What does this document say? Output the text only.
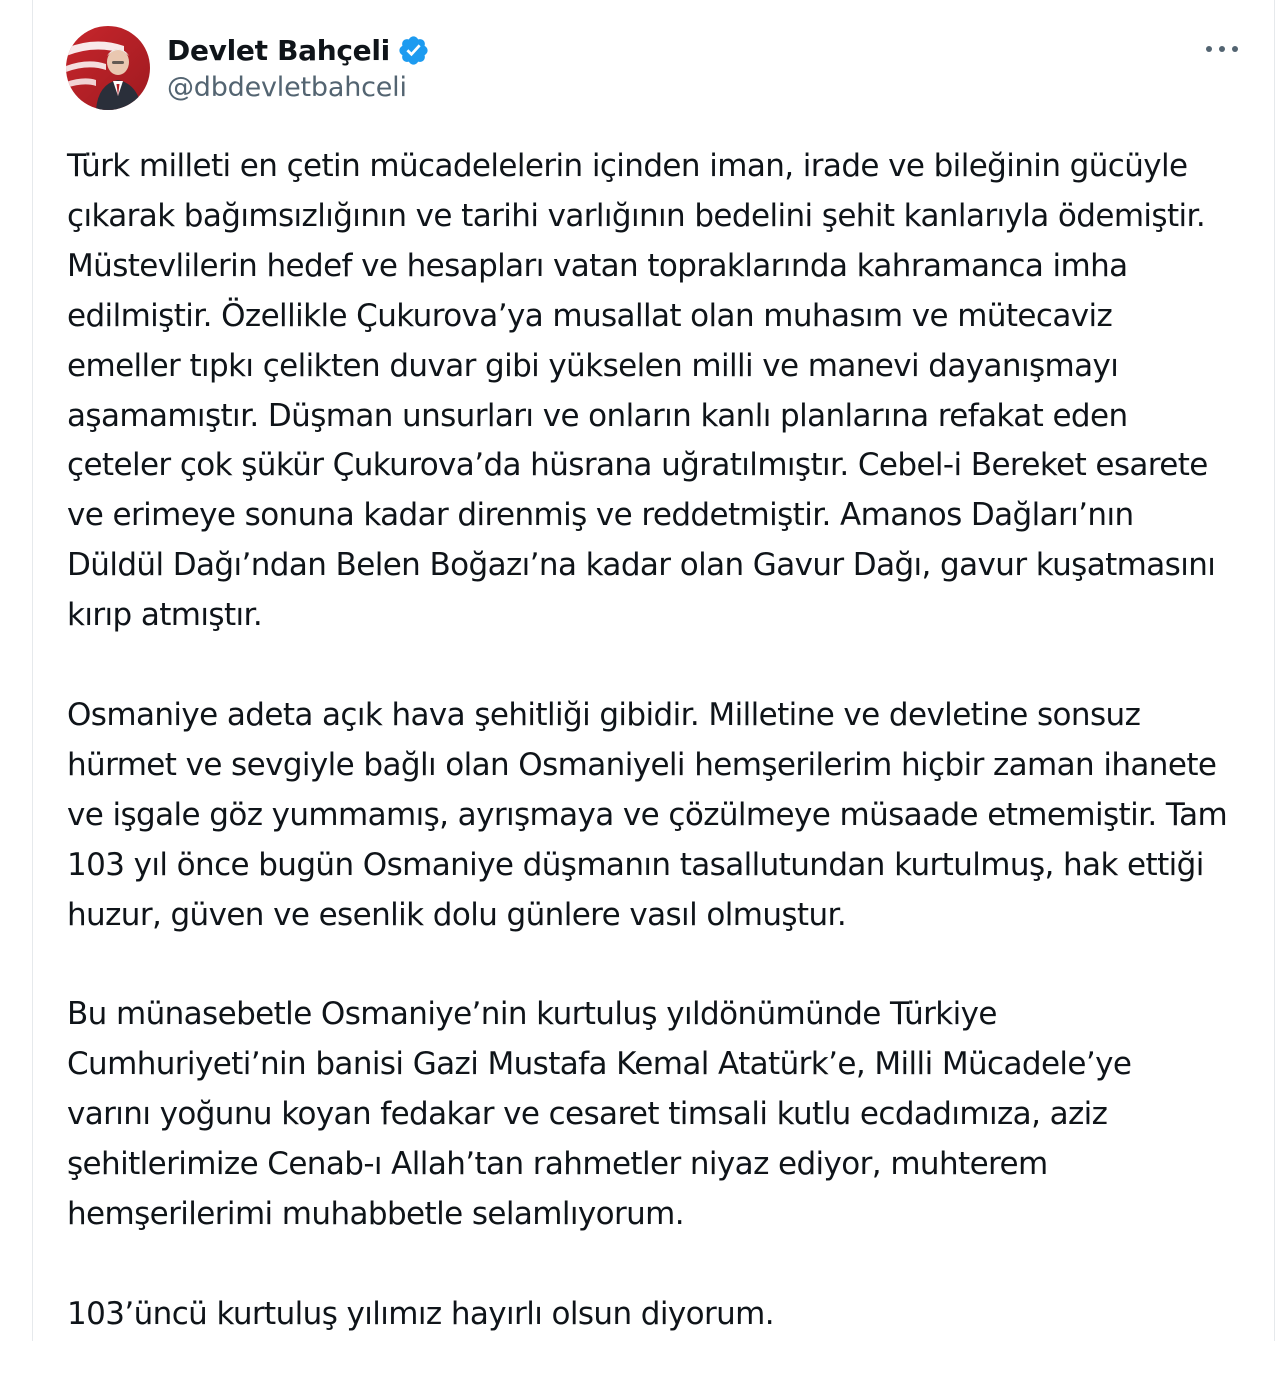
Devlet Bahçeli
@dbdevletbahceli

Türk milleti en çetin mücadelelerin içinden iman, irade ve bileğinin gücüyle
çıkarak bağımsızlığının ve tarihi varlığının bedelini şehit kanlarıyla ödemiştir.
Müstevlilerin hedef ve hesapları vatan topraklarında kahramanca imha
edilmiştir. Özellikle Çukurova’ya musallat olan muhasım ve mütecaviz
emeller tıpkı çelikten duvar gibi yükselen milli ve manevi dayanışmayı
aşamamıştır. Düşman unsurları ve onların kanlı planlarına refakat eden
çeteler çok şükür Çukurova’da hüsrana uğratılmıştır. Cebel-i Bereket esarete
ve erimeye sonuna kadar direnmiş ve reddetmiştir. Amanos Dağları’nın
Düldül Dağı’ndan Belen Boğazı’na kadar olan Gavur Dağı, gavur kuşatmasını
kırıp atmıştır.

Osmaniye adeta açık hava şehitliği gibidir. Milletine ve devletine sonsuz
hürmet ve sevgiyle bağlı olan Osmaniyeli hemşerilerim hiçbir zaman ihanete
ve işgale göz yummamış, ayrışmaya ve çözülmeye müsaade etmemiştir. Tam
103 yıl önce bugün Osmaniye düşmanın tasallutundan kurtulmuş, hak ettiği
huzur, güven ve esenlik dolu günlere vasıl olmuştur.

Bu münasebetle Osmaniye’nin kurtuluş yıldönümünde Türkiye
Cumhuriyeti’nin banisi Gazi Mustafa Kemal Atatürk’e, Milli Mücadele’ye
varını yoğunu koyan fedakar ve cesaret timsali kutlu ecdadımıza, aziz
şehitlerimize Cenab-ı Allah’tan rahmetler niyaz ediyor, muhterem
hemşerilerimi muhabbetle selamlıyorum.

103’üncü kurtuluş yılımız hayırlı olsun diyorum.
